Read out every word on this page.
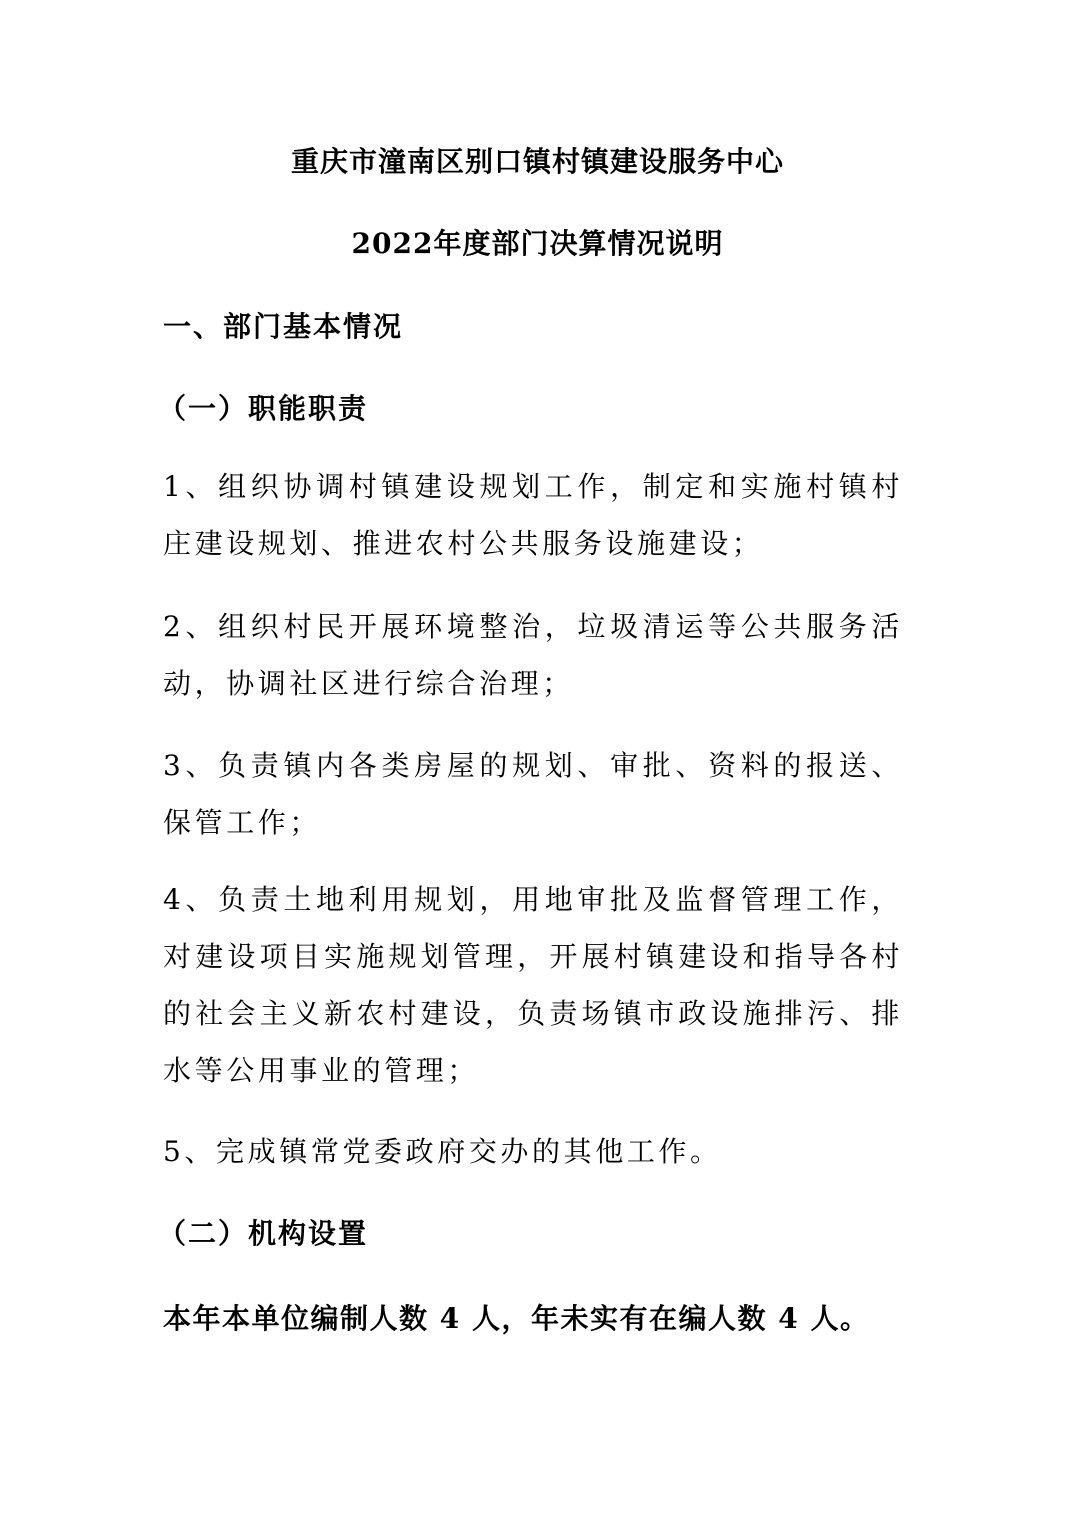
重庆市潼南区别口镇村镇建设服务中心
2022年度部门决算情况说明
一、部门基本情况
（一）职能职责

1、组织协调村镇建设规划工作，制定和实施村镇村庄建设规划、推进农村公共服务设施建设；

2、组织村民开展环境整治，垃圾清运等公共服务活动，协调社区进行综合治理；

3、负责镇内各类房屋的规划、审批、资料的报送、保管工作；

4、负责土地利用规划，用地审批及监督管理工作，对建设项目实施规划管理，开展村镇建设和指导各村的社会主义新农村建设，负责场镇市政设施排污、排水等公用事业的管理；

5、完成镇常党委政府交办的其他工作。

（二）机构设置
本年本单位编制人数 4 人，年未实有在编人数 4 人。
